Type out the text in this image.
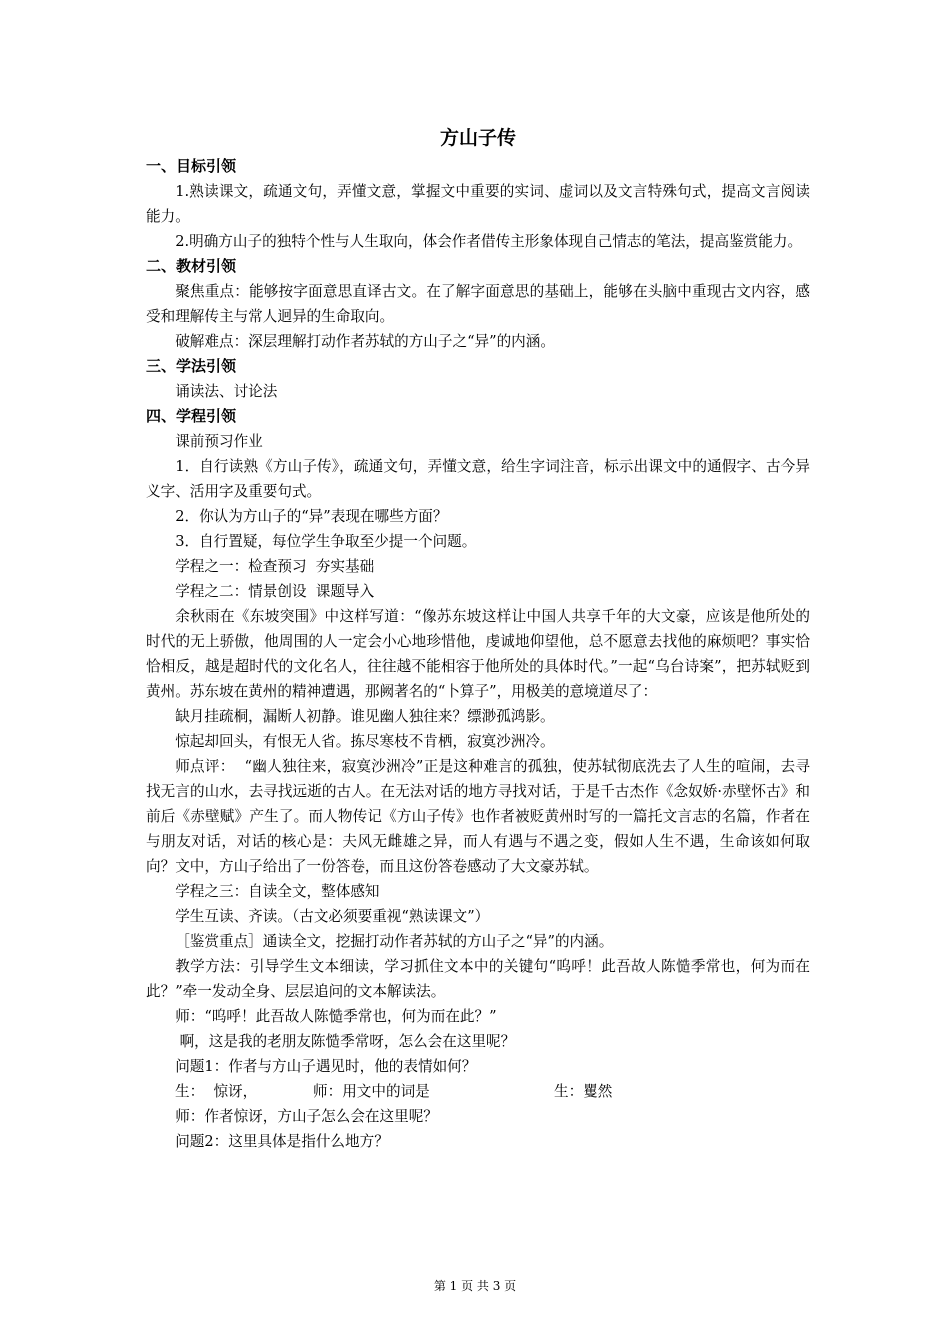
方山子传
一、目标引领
1.熟读课文，疏通文句，弄懂文意，掌握文中重要的实词、虚词以及文言特殊句式，提高文言阅读能力。
2.明确方山子的独特个性与人生取向，体会作者借传主形象体现自己情志的笔法，提高鉴赏能力。
二、教材引领
聚焦重点：能够按字面意思直译古文。在了解字面意思的基础上，能够在头脑中重现古文内容，感受和理解传主与常人迥异的生命取向。
破解难点：深层理解打动作者苏轼的方山子之“异”的内涵。
三、学法引领
诵读法、讨论法
四、学程引领
课前预习作业
1．自行读熟《方山子传》，疏通文句，弄懂文意，给生字词注音，标示出课文中的通假字、古今异义字、活用字及重要句式。
2．你认为方山子的“异”表现在哪些方面？
3．自行置疑，每位学生争取至少提一个问题。
学程之一：检查预习  夯实基础
学程之二：情景创设  课题导入
余秋雨在《东坡突围》中这样写道：“像苏东坡这样让中国人共享千年的大文豪，应该是他所处的时代的无上骄傲，他周围的人一定会小心地珍惜他，虔诚地仰望他，总不愿意去找他的麻烦吧？事实恰恰相反，越是超时代的文化名人，往往越不能相容于他所处的具体时代。”一起“乌台诗案”，把苏轼贬到黄州。苏东坡在黄州的精神遭遇，那阙著名的“卜算子”，用极美的意境道尽了：
缺月挂疏桐，漏断人初静。谁见幽人独往来？缥渺孤鸿影。
惊起却回头，有恨无人省。拣尽寒枝不肯栖，寂寞沙洲冷。
师点评：  “幽人独往来，寂寞沙洲冷”正是这种难言的孤独，使苏轼彻底洗去了人生的喧闹，去寻找无言的山水，去寻找远逝的古人。在无法对话的地方寻找对话，于是千古杰作《念奴娇·赤壁怀古》和前后《赤壁赋》产生了。而人物传记《方山子传》也作者被贬黄州时写的一篇托文言志的名篇，作者在与朋友对话，对话的核心是：夫风无雌雄之异，而人有遇与不遇之变，假如人生不遇，生命该如何取向？文中，方山子给出了一份答卷，而且这份答卷感动了大文豪苏轼。
学程之三：自读全文，整体感知
学生互读、齐读。（古文必须要重视“熟读课文”）
［鉴赏重点］通读全文，挖掘打动作者苏轼的方山子之“异”的内涵。
教学方法：引导学生文本细读，学习抓住文本中的关键句“呜呼！此吾故人陈慥季常也，何为而在此？”牵一发动全身、层层追问的文本解读法。
师：“呜呼！此吾故人陈慥季常也，何为而在此？”
啊，这是我的老朋友陈慥季常呀，怎么会在这里呢？
问题1：作者与方山子遇见时，他的表情如何？
生：  惊讶，	师：用文中的词是	生：矍然
师：作者惊讶，方山子怎么会在这里呢？
问题2：这里具体是指什么地方？
第 1 页 共 3 页
